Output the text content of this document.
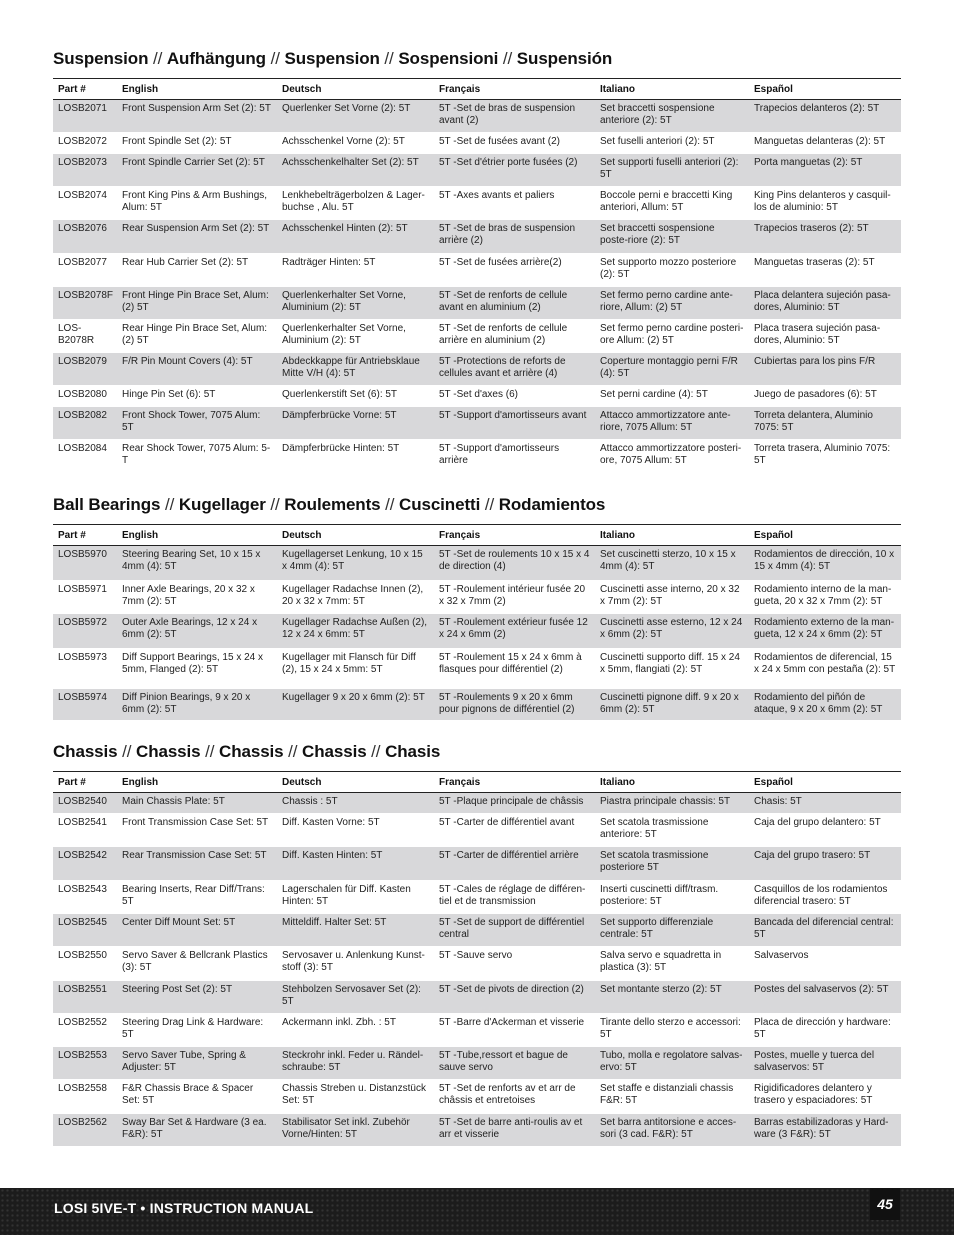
Suspension // Aufhängung // Suspension // Sospensioni // Suspensión
Part #	English	Deutsch	Français	Italiano	Español
LOSB2071	Front Suspension Arm Set (2): 5T	Querlenker Set Vorne (2): 5T	5T -Set de bras de suspension avant (2)	Set braccetti sospensione anteriore (2): 5T	Trapecios delanteros (2): 5T
LOSB2072	Front Spindle Set (2): 5T	Achsschenkel Vorne (2): 5T	5T -Set de fusées avant (2)	Set fuselli anteriori (2): 5T	Manguetas delanteras (2): 5T
LOSB2073	Front Spindle Carrier Set (2): 5T	Achsschenkelhalter Set (2): 5T	5T -Set d'étrier porte fusées (2)	Set supporti fuselli anteriori (2): 5T	Porta manguetas (2): 5T
LOSB2074	Front King Pins & Arm Bushings, Alum: 5T	Lenkhebelträgerbolzen & Lager-buchse , Alu. 5T	5T -Axes avants et paliers	Boccole perni e braccetti King anteriori, Allum: 5T	King Pins delanteros y casquil-los de aluminio: 5T
LOSB2076	Rear Suspension Arm Set (2): 5T	Achsschenkel Hinten (2): 5T	5T -Set de bras de suspension arrière (2)	Set braccetti sospensione poste-riore (2): 5T	Trapecios traseros (2): 5T
LOSB2077	Rear Hub Carrier Set (2): 5T	Radträger Hinten: 5T	5T -Set de fusées arrière(2)	Set supporto mozzo posteriore (2): 5T	Manguetas traseras (2): 5T
LOSB2078F	Front Hinge Pin Brace Set, Alum: (2) 5T	Querlenkerhalter Set Vorne, Aluminium (2): 5T	5T -Set de renforts de cellule avant en aluminium (2)	Set fermo perno cardine ante-riore, Allum: (2) 5T	Placa delantera sujeción pasa-dores, Aluminio: 5T
LOS-B2078R	Rear Hinge Pin Brace Set, Alum: (2) 5T	Querlenkerhalter Set Vorne, Aluminium (2): 5T	5T -Set de renforts de cellule arrière en aluminium (2)	Set fermo perno cardine posteri-ore Allum: (2) 5T	Placa trasera sujeción pasa-dores, Aluminio: 5T
LOSB2079	F/R Pin Mount Covers (4): 5T	Abdeckkappe für Antriebsklaue Mitte V/H (4): 5T	5T -Protections de reforts de cellules avant et arrière (4)	Coperture montaggio perni F/R (4): 5T	Cubiertas para los pins F/R
LOSB2080	Hinge Pin Set (6): 5T	Querlenkerstift Set (6): 5T	5T -Set d'axes (6)	Set perni cardine (4): 5T	Juego de pasadores (6): 5T
LOSB2082	Front Shock Tower, 7075 Alum: 5T	Dämpferbrücke Vorne: 5T	5T -Support d'amortisseurs avant	Attacco ammortizzatore ante-riore, 7075 Allum: 5T	Torreta delantera, Aluminio 7075: 5T
LOSB2084	Rear Shock Tower, 7075 Alum: 5-T	Dämpferbrücke Hinten: 5T	5T -Support d'amortisseurs arrière	Attacco ammortizzatore posteri-ore, 7075 Allum: 5T	Torreta trasera, Aluminio 7075: 5T
Ball Bearings // Kugellager // Roulements // Cuscinetti // Rodamientos
Part #	English	Deutsch	Français	Italiano	Español
LOSB5970	Steering Bearing Set, 10 x 15 x 4mm (4): 5T	Kugellagerset Lenkung, 10 x 15 x 4mm (4): 5T	5T -Set de roulements 10 x 15 x 4 de direction (4)	Set cuscinetti sterzo, 10 x 15 x 4mm (4): 5T	Rodamientos de dirección, 10 x 15 x 4mm (4): 5T
LOSB5971	Inner Axle Bearings, 20 x 32 x 7mm (2): 5T	Kugellager Radachse Innen (2), 20 x 32 x 7mm: 5T	5T -Roulement intérieur fusée 20 x 32 x 7mm (2)	Cuscinetti asse interno, 20 x 32 x 7mm (2): 5T	Rodamiento interno de la man-gueta, 20 x 32 x 7mm (2): 5T
LOSB5972	Outer Axle Bearings, 12 x 24 x 6mm (2): 5T	Kugellager Radachse Außen (2), 12 x 24 x 6mm: 5T	5T -Roulement extérieur fusée 12 x 24 x 6mm (2)	Cuscinetti asse esterno, 12 x 24 x 6mm (2): 5T	Rodamiento externo de la man-gueta, 12 x 24 x 6mm (2): 5T
LOSB5973	Diff Support Bearings, 15 x 24 x 5mm, Flanged (2): 5T	Kugellager mit Flansch für Diff (2), 15 x 24 x 5mm: 5T	5T -Roulement 15 x 24 x 6mm à flasques pour différentiel (2)	Cuscinetti supporto diff. 15 x 24 x 5mm, flangiati (2): 5T	Rodamientos de diferencial, 15 x 24 x 5mm con pestaña (2): 5T
LOSB5974	Diff Pinion Bearings, 9 x 20 x 6mm (2): 5T	Kugellager 9 x 20 x 6mm (2): 5T	5T -Roulements 9 x 20 x 6mm pour pignons de différentiel (2)	Cuscinetti pignone diff. 9 x 20 x 6mm (2): 5T	Rodamiento del piñón de ataque, 9 x 20 x 6mm (2): 5T
Chassis // Chassis // Chassis // Chassis // Chasis
Part #	English	Deutsch	Français	Italiano	Español
LOSB2540	Main Chassis Plate: 5T	Chassis : 5T	5T -Plaque principale de châssis	Piastra principale chassis: 5T	Chasis: 5T
LOSB2541	Front Transmission Case Set: 5T	Diff. Kasten Vorne: 5T	5T -Carter de différentiel avant	Set scatola trasmissione anteriore: 5T	Caja del grupo delantero: 5T
LOSB2542	Rear Transmission Case Set: 5T	Diff. Kasten Hinten: 5T	5T -Carter de différentiel arrière	Set scatola trasmissione posteriore 5T	Caja del grupo trasero: 5T
LOSB2543	Bearing Inserts, Rear Diff/Trans: 5T	Lagerschalen für Diff. Kasten Hinten: 5T	5T -Cales de réglage de différen-tiel et de transmission	Inserti cuscinetti diff/trasm. posteriore: 5T	Casquillos de los rodamientos diferencial trasero: 5T
LOSB2545	Center Diff Mount Set: 5T	Mitteldiff. Halter Set: 5T	5T -Set de support de différentiel central	Set supporto differenziale centrale: 5T	Bancada del diferencial central: 5T
LOSB2550	Servo Saver & Bellcrank Plastics (3): 5T	Servosaver u. Anlenkung Kunst-stoff (3): 5T	5T -Sauve servo	Salva servo e squadretta in plastica (3): 5T	Salvaservos
LOSB2551	Steering Post Set (2): 5T	Stehbolzen Servosaver Set (2): 5T	5T -Set de pivots de direction (2)	Set montante sterzo (2): 5T	Postes del salvaservos (2): 5T
LOSB2552	Steering Drag Link & Hardware: 5T	Ackermann inkl. Zbh. : 5T	5T -Barre d'Ackerman et visserie	Tirante dello sterzo e accessori: 5T	Placa de dirección y hardware: 5T
LOSB2553	Servo Saver Tube, Spring & Adjuster: 5T	Steckrohr inkl. Feder u. Rändel-schraube: 5T	5T -Tube,ressort et bague de sauve servo	Tubo, molla e regolatore salvas-ervo: 5T	Postes, muelle y tuerca del salvaservos: 5T
LOSB2558	F&R Chassis Brace & Spacer Set: 5T	Chassis Streben u. Distanzstück Set: 5T	5T -Set de renforts av et arr de châssis et entretoises	Set staffe e distanziali chassis F&R: 5T	Rigidificadores delantero y trasero y espaciadores: 5T
LOSB2562	Sway Bar Set & Hardware (3 ea. F&R): 5T	Stabilisator Set inkl. Zubehör Vorne/Hinten: 5T	5T -Set de barre anti-roulis av et arr et visserie	Set barra antitorsione e acces-sori (3 cad. F&R): 5T	Barras estabilizadoras y Hard-ware (3 F&R): 5T
LOSI 5IVE-T • INSTRUCTION MANUAL	45
